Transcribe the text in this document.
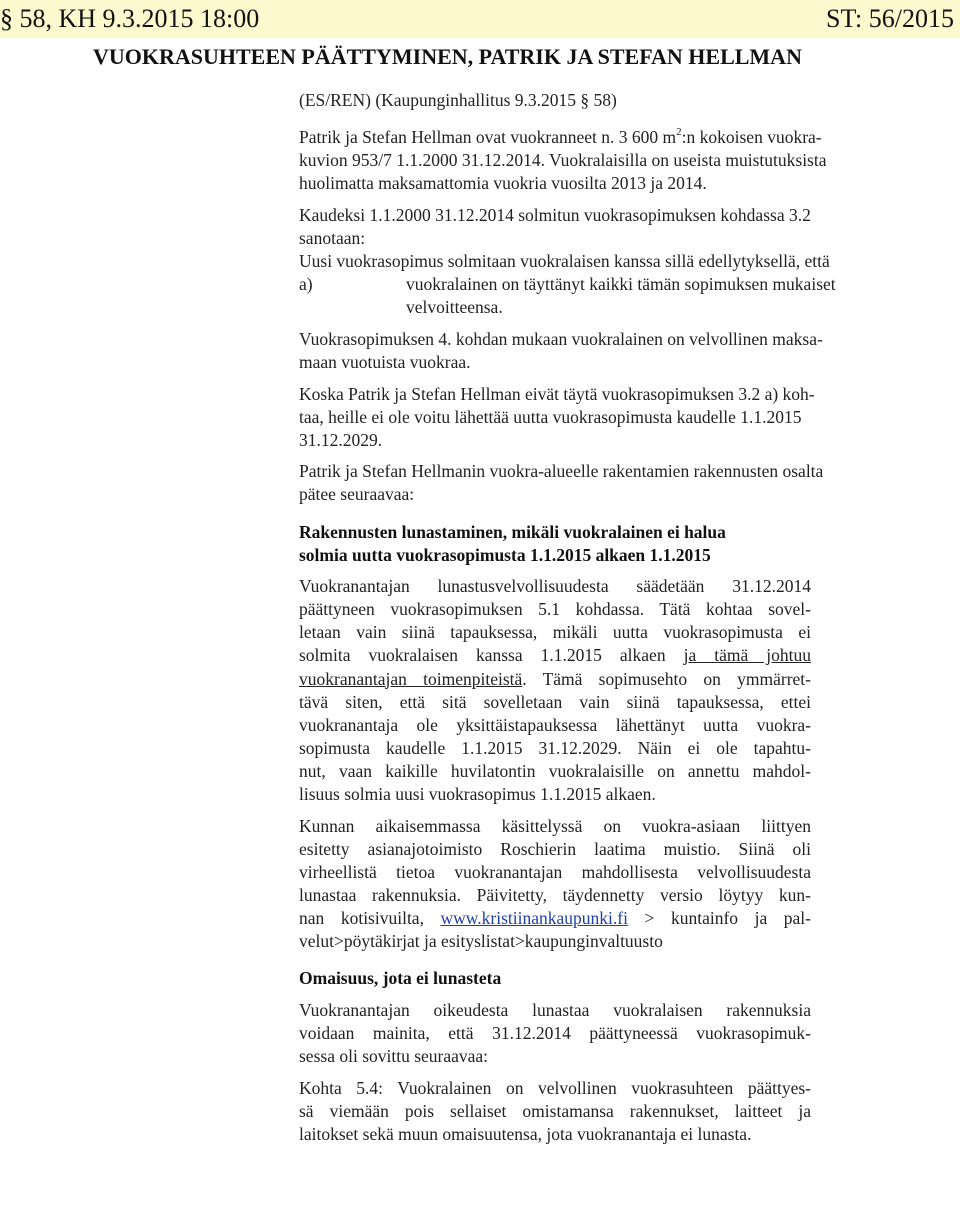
§ 58, KH 9.3.2015 18:00	ST: 56/2015
VUOKRASUHTEEN PÄÄTTYMINEN, PATRIK JA STEFAN HELLMAN
(ES/REN) (Kaupunginhallitus 9.3.2015 § 58)
Patrik ja Stefan Hellman ovat vuokranneet n. 3 600 $m^2:n$ kokoisen vuokra-
kuvion 953/7 1.1.2000 31.12.2014. Vuokralaisilla on useista muistutuksista
huolimatta maksamattomia vuokria vuosilta 2013 ja 2014.
Kaudeksi 1.1.2000 31.12.2014 solmitun vuokrasopimuksen kohdassa 3.2
sanotaan:
Uusi vuokrasopimus solmitaan vuokralaisen kanssa sillä edellytyksellä, että
a)	vuokralainen on täyttänyt kaikki tämän sopimuksen mukaiset
velvoitteensa.
Vuokrasopimuksen 4. kohdan mukaan vuokralainen on velvollinen maksa-
maan vuotuista vuokraa.
Koska Patrik ja Stefan Hellman eivät täytä vuokrasopimuksen 3.2 a) koh-
taa, heille ei ole voitu lähettää uutta vuokrasopimusta kaudelle 1.1.2015
31.12.2029.
Patrik ja Stefan Hellmanin vuokra-alueelle rakentamien rakennusten osalta
pätee seuraavaa:
Rakennusten lunastaminen, mikäli vuokralainen ei halua
solmia uutta vuokrasopimusta 1.1.2015 alkaen 1.1.2015
Vuokranantajan lunastusvelvollisuudesta säädetään 31.12.2014
päättyneen vuokrasopimuksen 5.1 kohdassa. Tätä kohtaa sovel-
letaan vain siinä tapauksessa, mikäli uutta vuokrasopimusta ei
solmita vuokralaisen kanssa 1.1.2015 alkaen ja tämä johtuu
vuokranantajan toimenpiteistä. Tämä sopimusehto on ymmärret-
tävä siten, että sitä sovelletaan vain siinä tapauksessa, ettei
vuokranantaja ole yksittäistapauksessa lähettänyt uutta vuokra-
sopimusta kaudelle 1.1.2015 31.12.2029. Näin ei ole tapahtu-
nut, vaan kaikille huvilatontin vuokralaisille on annettu mahdol-
lisuus solmia uusi vuokrasopimus 1.1.2015 alkaen.
Kunnan aikaisemmassa käsittelyssä on vuokra-asiaan liittyen
esitetty asianajotoimisto Roschierin laatima muistio. Siinä oli
virheellistä tietoa vuokranantajan mahdollisesta velvollisuudesta
lunastaa rakennuksia. Päivitetty, täydennetty versio löytyy kun-
nan kotisivuilta, www.kristiinankaupunki.fi > kuntainfo ja pal-
velut>pöytäkirjat ja esityslistat>kaupunginvaltuusto
Omaisuus, jota ei lunasteta
Vuokranantajan oikeudesta lunastaa vuokralaisen rakennuksia
voidaan mainita, että 31.12.2014 päättyneessä vuokrasopimuk-
sessa oli sovittu seuraavaa:
Kohta 5.4: Vuokralainen on velvollinen vuokrasuhteen päättyes-
sä viemään pois sellaiset omistamansa rakennukset, laitteet ja
laitokset sekä muun omaisuutensa, jota vuokranantaja ei lunasta.
